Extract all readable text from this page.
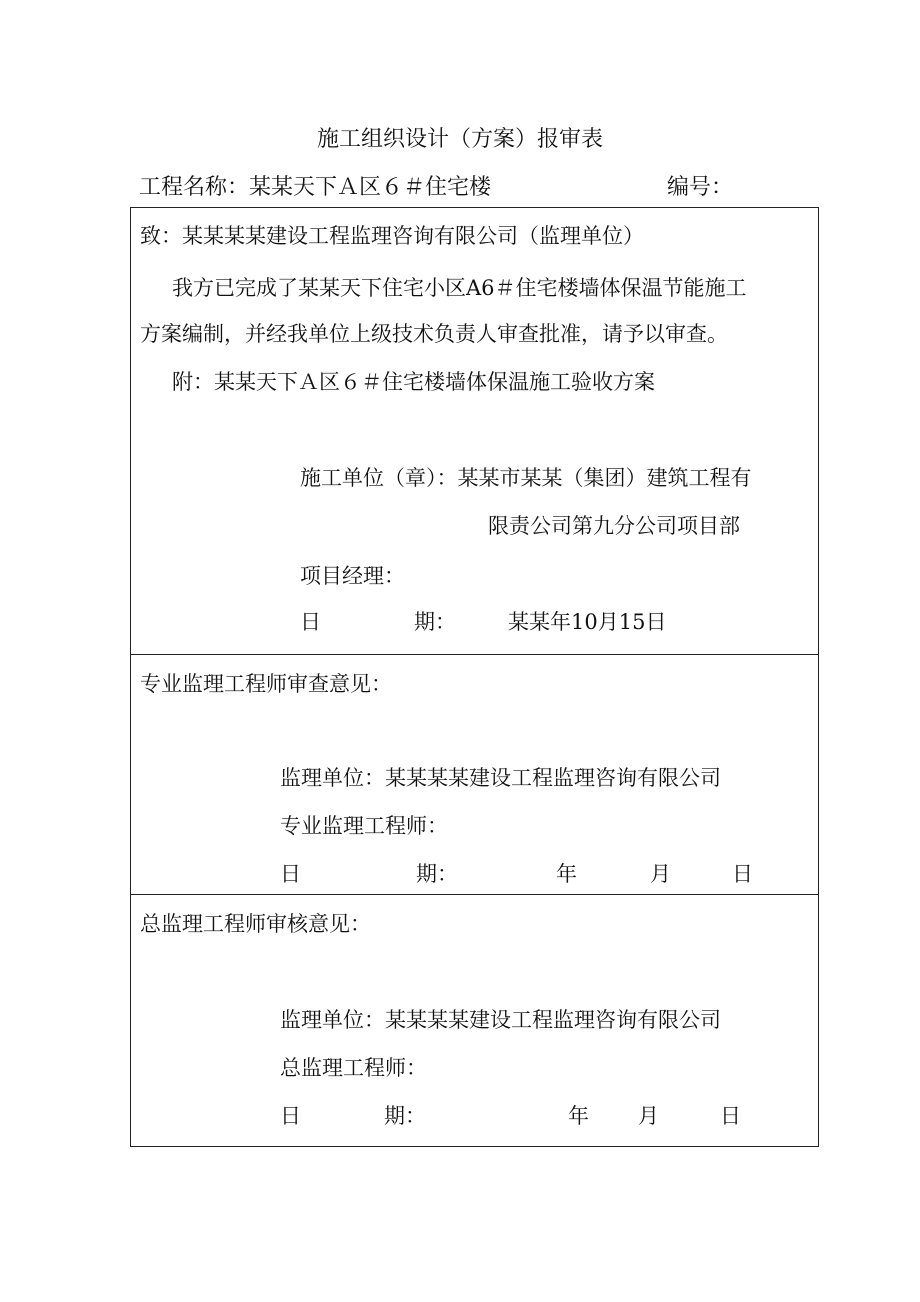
施工组织设计（方案）报审表
工程名称：某某天下Ａ区６＃住宅楼	编号：
致：某某某某建设工程监理咨询有限公司（监理单位）
我方已完成了某某天下住宅小区A6＃住宅楼墙体保温节能施工
方案编制，并经我单位上级技术负责人审查批准，请予以审查。
附：某某天下Ａ区６＃住宅楼墙体保温施工验收方案
施工单位（章）：某某市某某（集团）建筑工程有
限责公司第九分公司项目部
项目经理：
日	期： 某某年10月15日
专业监理工程师审查意见：
监理单位：某某某某建设工程监理咨询有限公司
专业监理工程师：
日	期：	年	月	日
总监理工程师审核意见：
监理单位：某某某某建设工程监理咨询有限公司
总监理工程师：
日	期：	年 月	日
